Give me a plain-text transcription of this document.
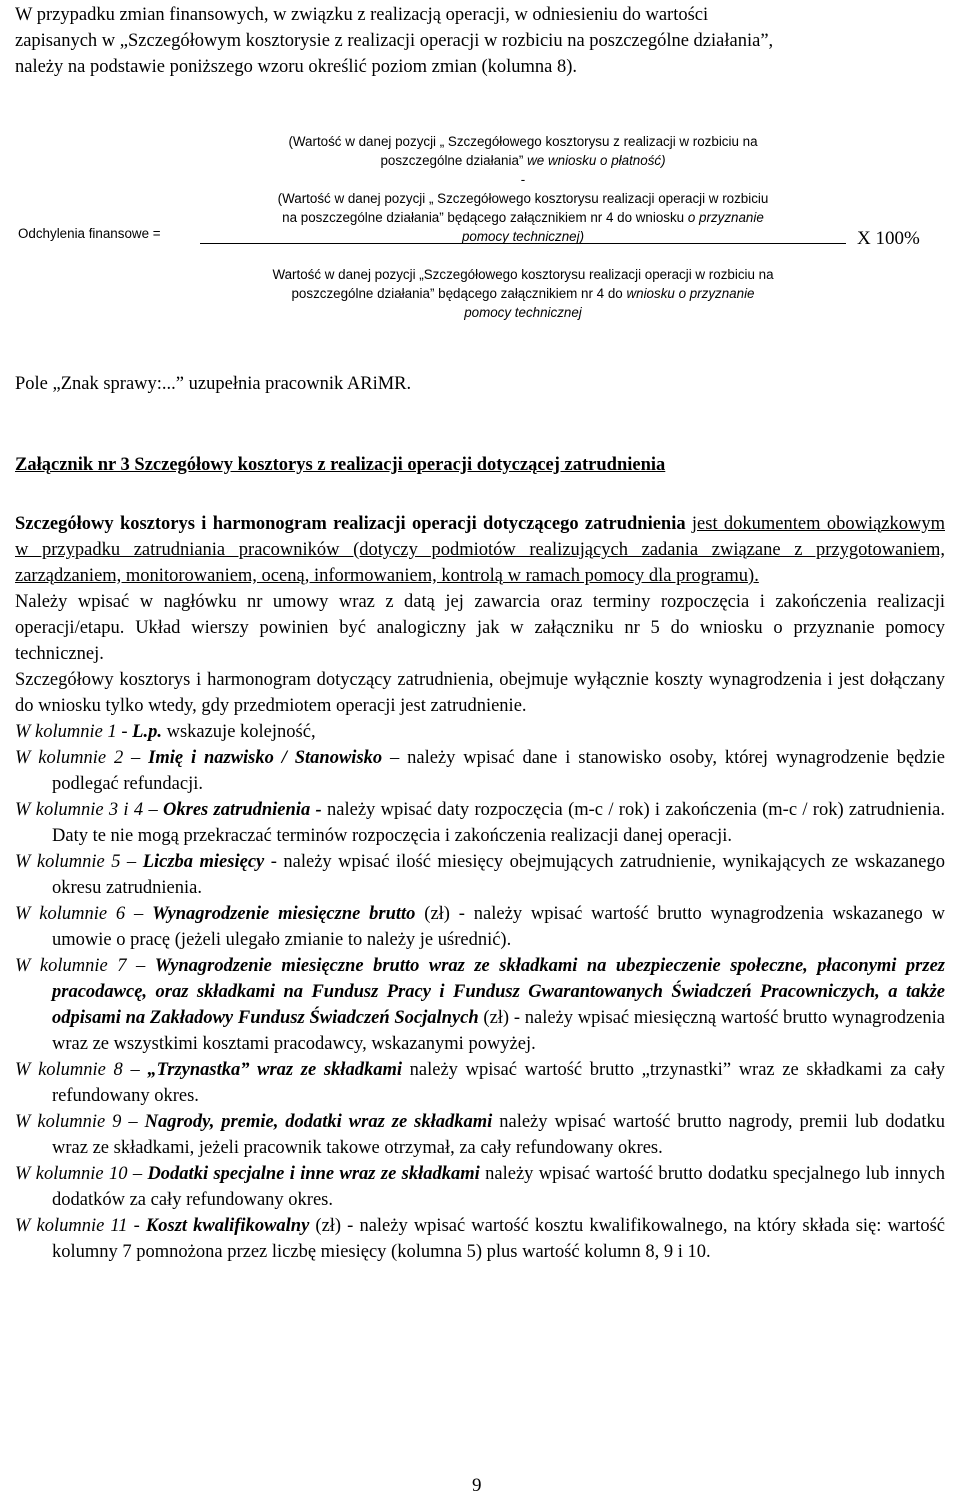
W przypadku zmian finansowych, w związku z realizacją operacji, w odniesieniu do wartości
zapisanych w „Szczegółowym kosztorysie z realizacji operacji w rozbiciu na poszczególne działania”,
należy na podstawie poniższego wzoru określić poziom zmian (kolumna 8).
Odchylenia finansowe =
(Wartość w danej pozycji „ Szczegółowego kosztorysu z realizacji w rozbiciu na
poszczególne działania” we wniosku o płatność)
-
(Wartość w danej pozycji „ Szczegółowego kosztorysu realizacji operacji w rozbiciu
na poszczególne działania” będącego załącznikiem nr 4 do wniosku o przyznanie
pomocy technicznej)	X 100%
Wartość w danej pozycji „Szczegółowego kosztorysu realizacji operacji w rozbiciu na
poszczególne działania” będącego załącznikiem nr 4 do wniosku o przyznanie
pomocy technicznej
Pole „Znak sprawy:...” uzupełnia pracownik ARiMR.
Załącznik nr 3 Szczegółowy kosztorys z realizacji operacji dotyczącej zatrudnienia
Szczegółowy kosztorys i harmonogram realizacji operacji dotyczącego zatrudnienia jest dokumentem obowiązkowym w przypadku zatrudniania pracowników (dotyczy podmiotów realizujących zadania związane z przygotowaniem, zarządzaniem, monitorowaniem, oceną, informowaniem, kontrolą w ramach pomocy dla programu).
Należy wpisać w nagłówku nr umowy wraz z datą jej zawarcia oraz terminy rozpoczęcia i zakończenia realizacji operacji/etapu. Układ wierszy powinien być analogiczny jak w załączniku nr 5 do wniosku o przyznanie pomocy technicznej.
Szczegółowy kosztorys i harmonogram dotyczący zatrudnienia, obejmuje wyłącznie koszty wynagrodzenia i jest dołączany do wniosku tylko wtedy, gdy przedmiotem operacji jest zatrudnienie.
W kolumnie 1 - L.p. wskazuje kolejność,
W kolumnie 2 – Imię i nazwisko / Stanowisko – należy wpisać dane i stanowisko osoby, której wynagrodzenie będzie podlegać refundacji.
W kolumnie 3 i 4 – Okres zatrudnienia - należy wpisać daty rozpoczęcia (m-c / rok) i zakończenia (m-c / rok) zatrudnienia. Daty te nie mogą przekraczać terminów rozpoczęcia i zakończenia realizacji danej operacji.
W kolumnie 5 – Liczba miesięcy - należy wpisać ilość miesięcy obejmujących zatrudnienie, wynikających ze wskazanego okresu zatrudnienia.
W kolumnie 6 – Wynagrodzenie miesięczne brutto (zł) - należy wpisać wartość brutto wynagrodzenia wskazanego w umowie o pracę (jeżeli ulegało zmianie to należy je uśrednić).
W kolumnie 7 – Wynagrodzenie miesięczne brutto wraz ze składkami na ubezpieczenie społeczne, płaconymi przez pracodawcę, oraz składkami na Fundusz Pracy i Fundusz Gwarantowanych Świadczeń Pracowniczych, a także odpisami na Zakładowy Fundusz Świadczeń Socjalnych (zł) - należy wpisać miesięczną wartość brutto wynagrodzenia wraz ze wszystkimi kosztami pracodawcy, wskazanymi powyżej.
W kolumnie 8 – „Trzynastka” wraz ze składkami należy wpisać wartość brutto „trzynastki” wraz ze składkami za cały refundowany okres.
W kolumnie 9 – Nagrody, premie, dodatki wraz ze składkami należy wpisać wartość brutto nagrody, premii lub dodatku wraz ze składkami, jeżeli pracownik takowe otrzymał, za cały refundowany okres.
W kolumnie 10 – Dodatki specjalne i inne wraz ze składkami należy wpisać wartość brutto dodatku specjalnego lub innych dodatków za cały refundowany okres.
W kolumnie 11 - Koszt kwalifikowalny (zł) - należy wpisać wartość kosztu kwalifikowalnego, na który składa się: wartość kolumny 7 pomnożona przez liczbę miesięcy (kolumna 5) plus wartość kolumn 8, 9 i 10.
9
